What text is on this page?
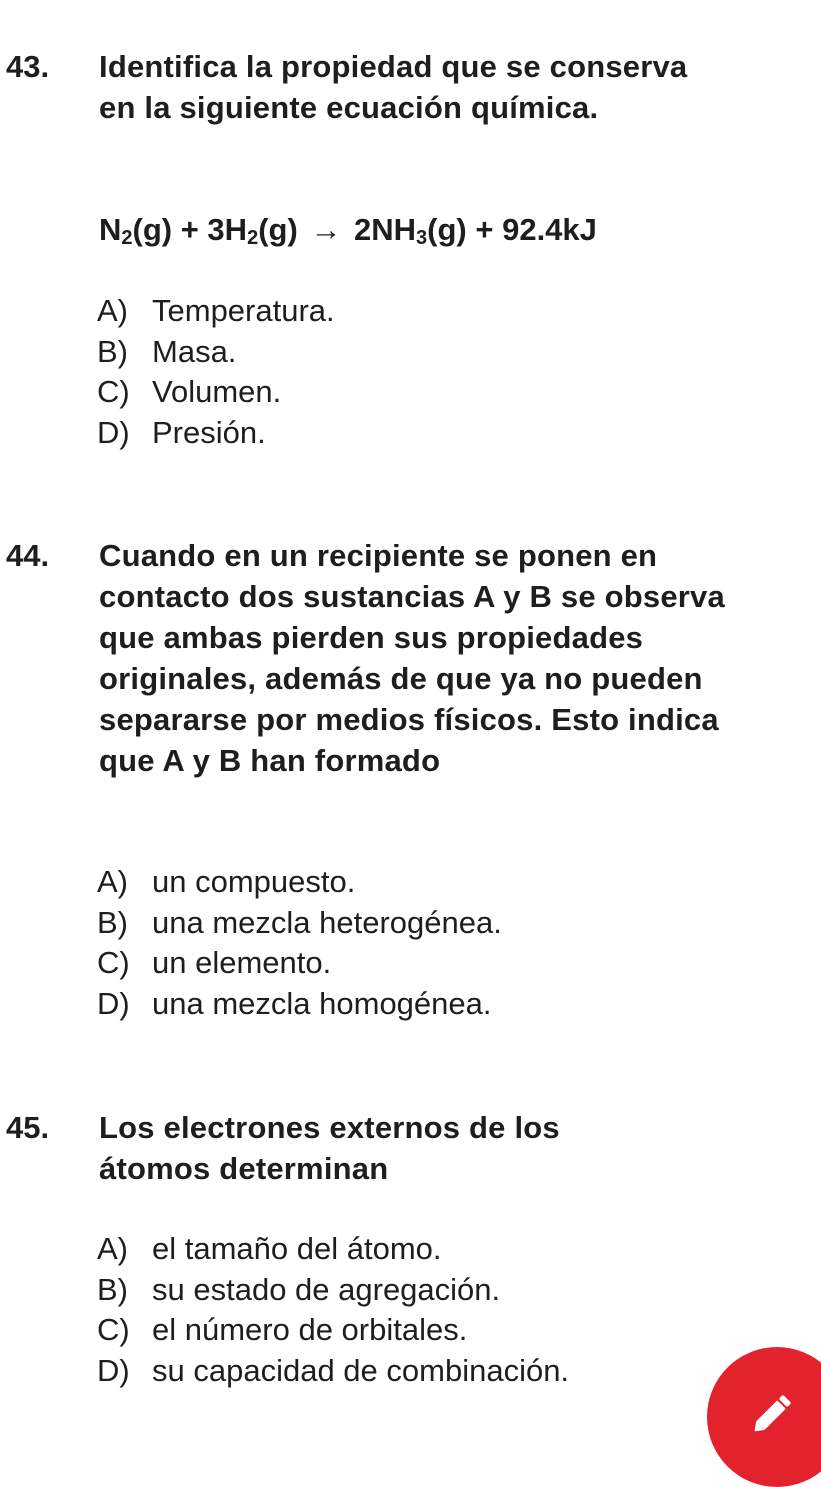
43. Identifica la propiedad que se conserva en la siguiente ecuación química.
$N_2(g) + 3H_2(g) \to 2NH_3(g) + 92.4kJ$
A) Temperatura.
B) Masa.
C) Volumen.
D) Presión.
44. Cuando en un recipiente se ponen en contacto dos sustancias A y B se observa que ambas pierden sus propiedades originales, además de que ya no pueden separarse por medios físicos. Esto indica que A y B han formado
A) un compuesto.
B) una mezcla heterogénea.
C) un elemento.
D) una mezcla homogénea.
45. Los electrones externos de los átomos determinan
A) el tamaño del átomo.
B) su estado de agregación.
C) el número de orbitales.
D) su capacidad de combinación.
